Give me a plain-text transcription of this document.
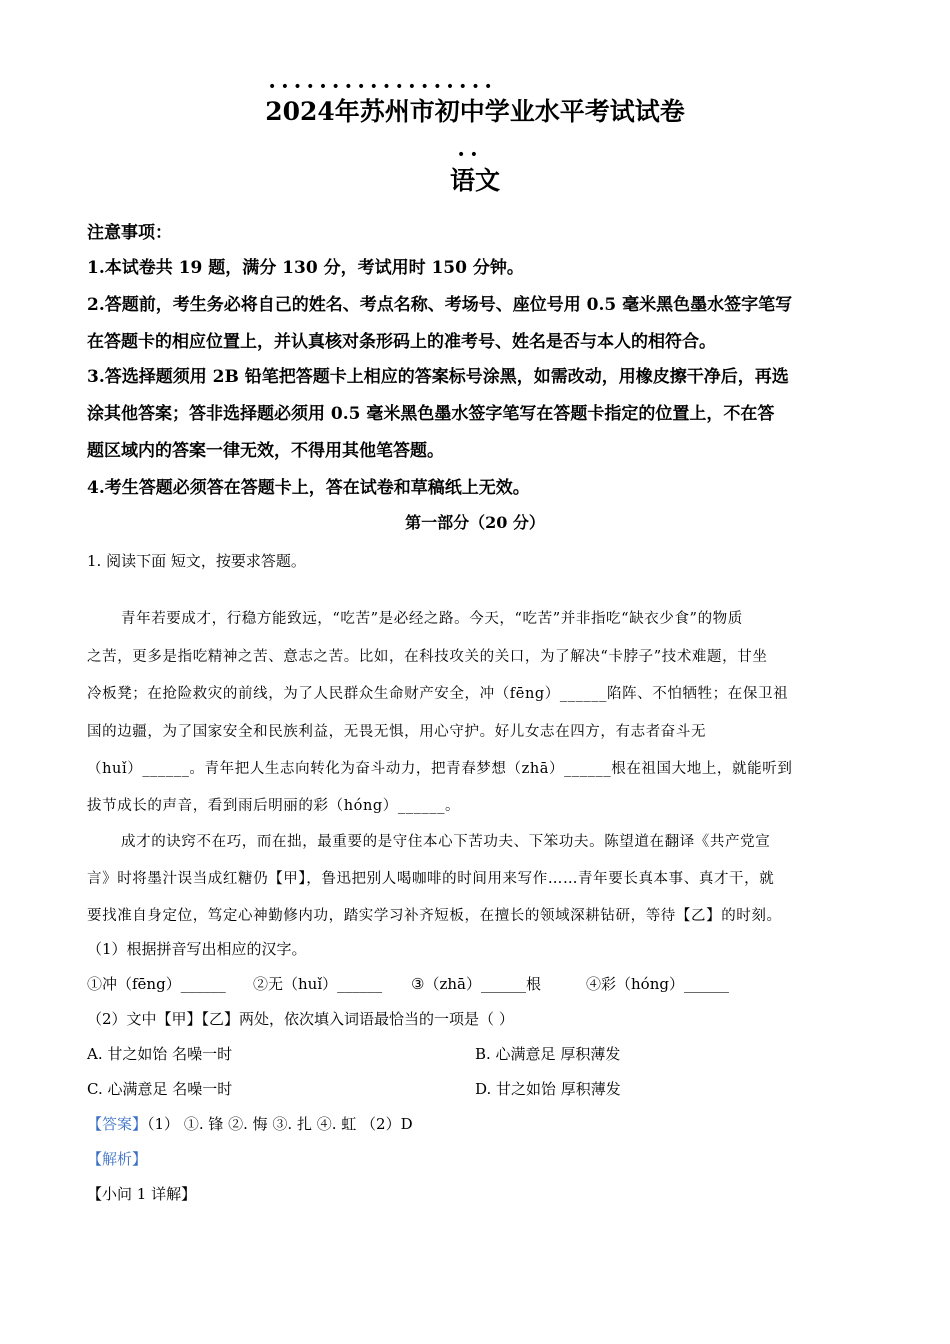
• • • • • • • • • • • • • • • • • •
2024年苏州市初中学业水平考试试卷
• •
语文
注意事项：
1.本试卷共 19 题，满分 130 分，考试用时 150 分钟。
2.答题前，考生务必将自己的姓名、考点名称、考场号、座位号用 0.5 毫米黑色墨水签字笔写
在答题卡的相应位置上，并认真核对条形码上的准考号、姓名是否与本人的相符合。
3.答选择题须用 2B 铅笔把答题卡上相应的答案标号涂黑，如需改动，用橡皮擦干净后，再选
涂其他答案；答非选择题必须用 0.5 毫米黑色墨水签字笔写在答题卡指定的位置上，不在答
题区域内的答案一律无效，不得用其他笔答题。
4.考生答题必须答在答题卡上，答在试卷和草稿纸上无效。
第一部分（20 分）
1. 阅读下面 短文，按要求答题。
青年若要成才，行稳方能致远，“吃苦”是必经之路。今天，“吃苦”并非指吃“缺衣少食”的物质
之苦，更多是指吃精神之苦、意志之苦。比如，在科技攻关的关口，为了解决“卡脖子”技术难题，甘坐
冷板凳；在抢险救灾的前线，为了人民群众生命财产安全，冲（fēng）______陷阵、不怕牺牲；在保卫祖
国的边疆，为了国家安全和民族利益，无畏无惧，用心守护。好儿女志在四方，有志者奋斗无
（huǐ）______。青年把人生志向转化为奋斗动力，把青春梦想（zhā）______根在祖国大地上，就能听到
拔节成长的声音，看到雨后明丽的彩（hóng）______。
成才的诀窍不在巧，而在拙，最重要的是守住本心下苦功夫、下笨功夫。陈望道在翻译《共产党宣
言》时将墨汁误当成红糖仍【甲】，鲁迅把别人喝咖啡的时间用来写作……青年要长真本事、真才干，就
要找准自身定位，笃定心神勤修内功，踏实学习补齐短板，在擅长的领域深耕钻研，等待【乙】的时刻。
（1）根据拼音写出相应的汉字。
①冲（fēng）______ ②无（huǐ）______ ③（zhā）______根	④彩（hóng）______
（2）文中【甲】【乙】两处，依次填入词语最恰当的一项是（ ）
A. 甘之如饴 名噪一时	B. 心满意足 厚积薄发
C. 心满意足 名噪一时	D. 甘之如饴 厚积薄发
【答案】（1） ①. 锋 ②. 悔 ③. 扎 ④. 虹 （2）D
【解析】
【小问 1 详解】
